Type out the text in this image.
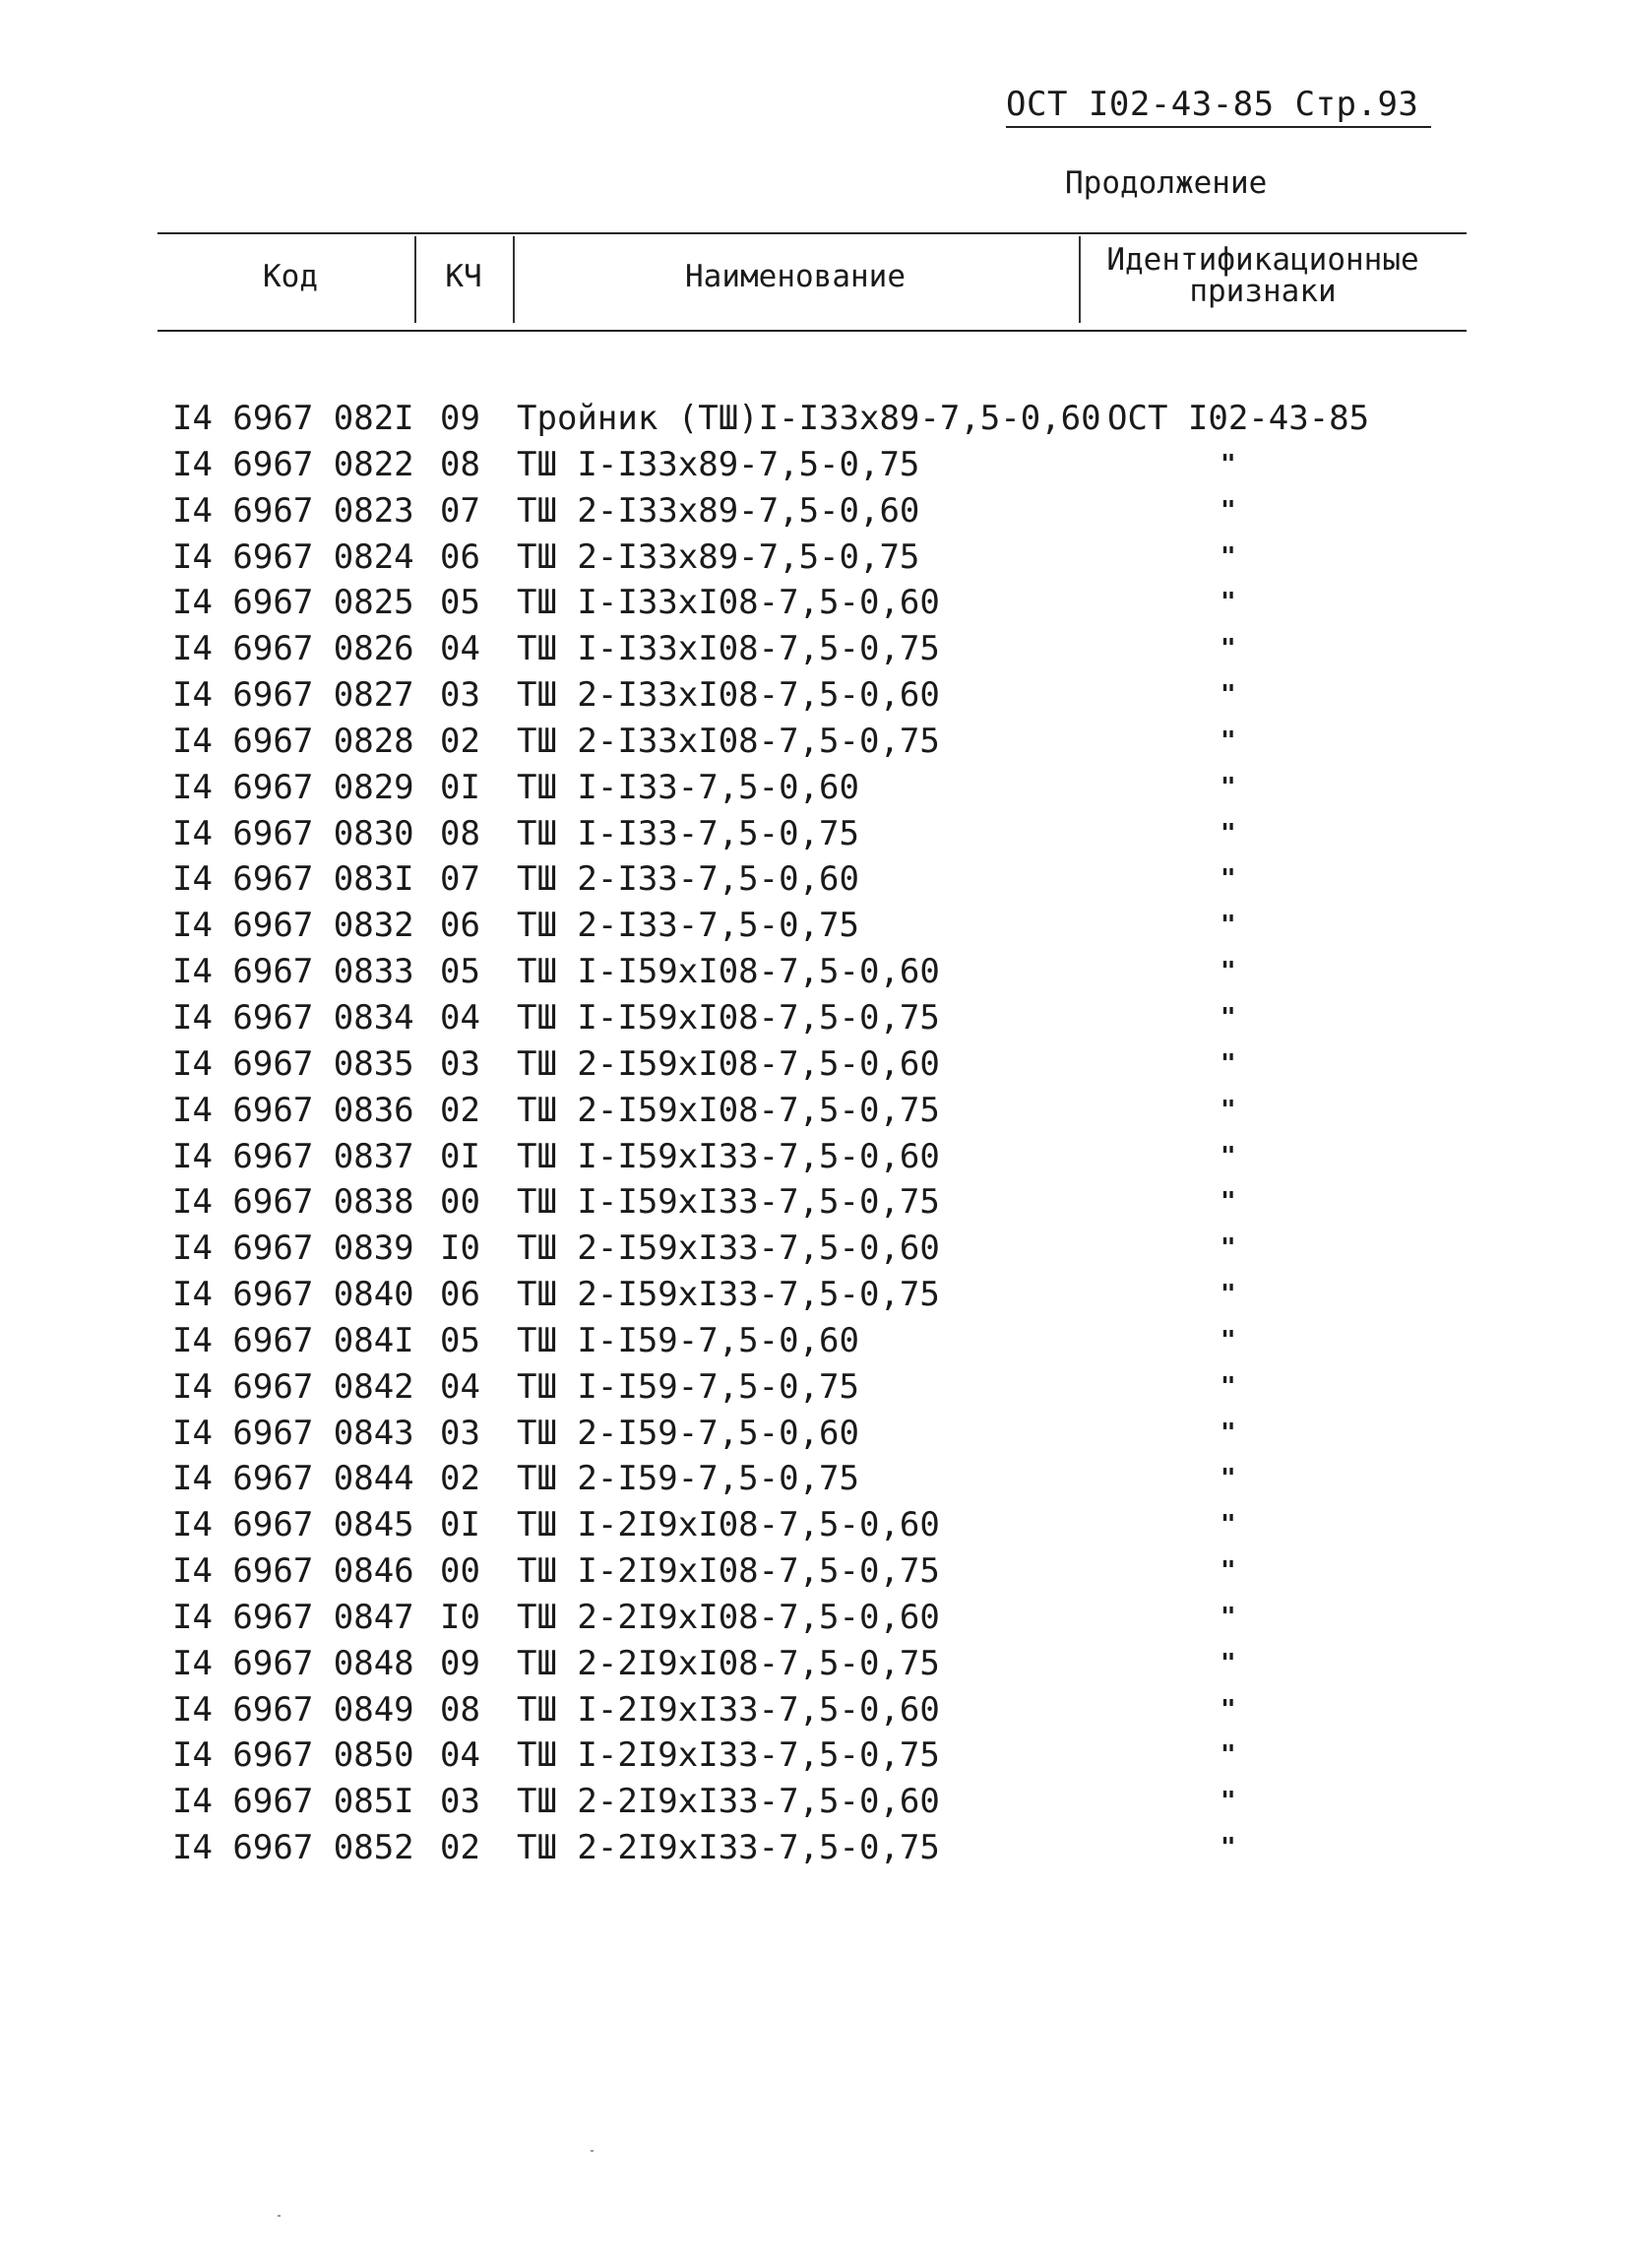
ОСТ I02-43-85 Стр.93
Продолжение
Код	КЧ	Наименование	Идентификационные признаки
I4 6967 082I 09 Тройник (ТШ)I-I33x89-7,5-0,60 ОСТ I02-43-85
I4 6967 0822 08 ТШ I-I33x89-7,5-0,75	"
I4 6967 0823 07 ТШ 2-I33x89-7,5-0,60	"
I4 6967 0824 06 ТШ 2-I33x89-7,5-0,75	"
I4 6967 0825 05 ТШ I-I33xI08-7,5-0,60	"
I4 6967 0826 04 ТШ I-I33xI08-7,5-0,75	"
I4 6967 0827 03 ТШ 2-I33xI08-7,5-0,60	"
I4 6967 0828 02 ТШ 2-I33xI08-7,5-0,75	"
I4 6967 0829 0I ТШ I-I33-7,5-0,60	"
I4 6967 0830 08 ТШ I-I33-7,5-0,75	"
I4 6967 083I 07 ТШ 2-I33-7,5-0,60	"
I4 6967 0832 06 ТШ 2-I33-7,5-0,75	"
I4 6967 0833 05 ТШ I-I59xI08-7,5-0,60	"
I4 6967 0834 04 ТШ I-I59xI08-7,5-0,75	"
I4 6967 0835 03 ТШ 2-I59xI08-7,5-0,60	"
I4 6967 0836 02 ТШ 2-I59xI08-7,5-0,75	"
I4 6967 0837 0I ТШ I-I59xI33-7,5-0,60	"
I4 6967 0838 00 ТШ I-I59xI33-7,5-0,75	"
I4 6967 0839 I0 ТШ 2-I59xI33-7,5-0,60	"
I4 6967 0840 06 ТШ 2-I59xI33-7,5-0,75	"
I4 6967 084I 05 ТШ I-I59-7,5-0,60	"
I4 6967 0842 04 ТШ I-I59-7,5-0,75	"
I4 6967 0843 03 ТШ 2-I59-7,5-0,60	"
I4 6967 0844 02 ТШ 2-I59-7,5-0,75	"
I4 6967 0845 0I ТШ I-2I9xI08-7,5-0,60	"
I4 6967 0846 00 ТШ I-2I9xI08-7,5-0,75	"
I4 6967 0847 I0 ТШ 2-2I9xI08-7,5-0,60	"
I4 6967 0848 09 ТШ 2-2I9xI08-7,5-0,75	"
I4 6967 0849 08 ТШ I-2I9xI33-7,5-0,60	"
I4 6967 0850 04 ТШ I-2I9xI33-7,5-0,75	"
I4 6967 085I 03 ТШ 2-2I9xI33-7,5-0,60	"
I4 6967 0852 02 ТШ 2-2I9xI33-7,5-0,75	"
